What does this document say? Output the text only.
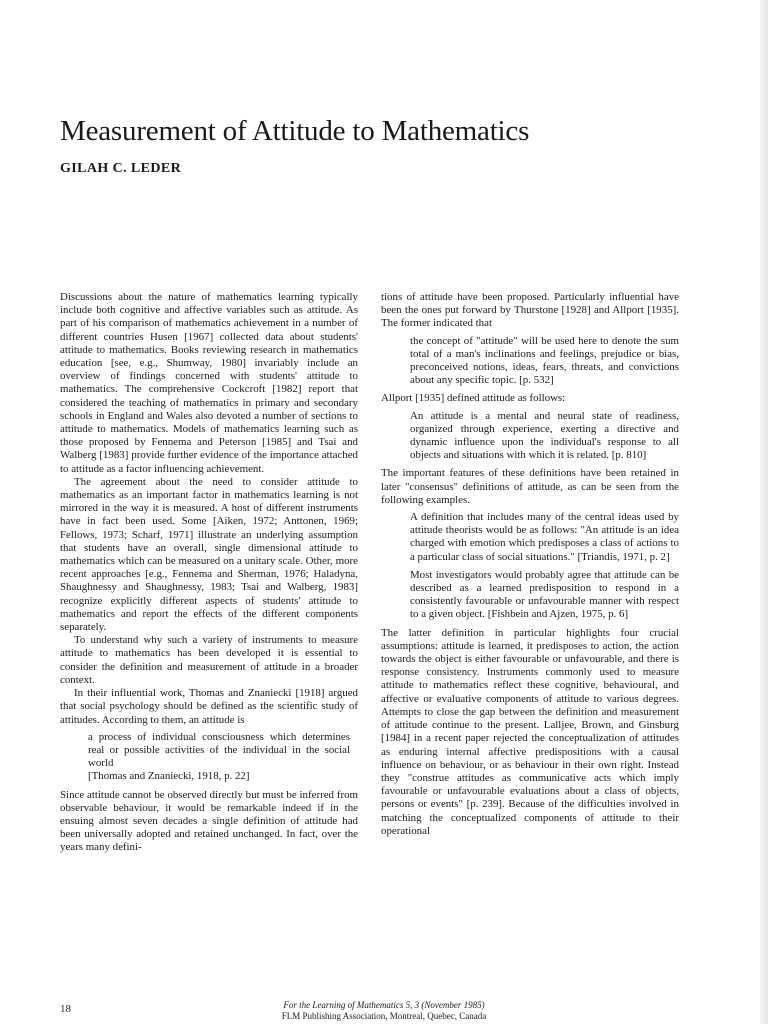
Measurement of Attitude to Mathematics
GILAH C. LEDER

Discussions about the nature of mathematics learning typically include both cognitive and affective variables such as attitude. As part of his comparison of mathematics achievement in a number of different countries Husen [1967] collected data about students' attitude to mathematics. Books reviewing research in mathematics education [see, e.g., Shumway, 1980] invariably include an overview of findings concerned with students' attitude to mathematics. The comprehensive Cockcroft [1982] report that considered the teaching of mathematics in primary and secondary schools in England and Wales also devoted a number of sections to attitude to mathematics. Models of mathematics learning such as those proposed by Fennema and Peterson [1985] and Tsai and Walberg [1983] provide further evidence of the importance attached to attitude as a factor influencing achievement.

The agreement about the need to consider attitude to mathematics as an important factor in mathematics learning is not mirrored in the way it is measured. A host of different instruments have in fact been used. Some [Aiken, 1972; Anttonen, 1969; Fellows, 1973; Scharf, 1971] illustrate an underlying assumption that students have an overall, single dimensional attitude to mathematics which can be measured on a unitary scale. Other, more recent approaches [e.g., Fennema and Sherman, 1976; Haladyna, Shaughnessy and Shaughnessy, 1983; Tsai and Walberg, 1983] recognize explicitly different aspects of students' attitude to mathematics and report the effects of the different components separately.

To understand why such a variety of instruments to measure attitude to mathematics has been developed it is essential to consider the definition and measurement of attitude in a broader context.

In their influential work, Thomas and Znaniecki [1918] argued that social psychology should be defined as the scientific study of attitudes. According to them, an attitude is

a process of individual consciousness which determines real or possible activities of the individual in the social world
[Thomas and Znaniecki, 1918, p. 22]

Since attitude cannot be observed directly but must be inferred from observable behaviour, it would be remarkable indeed if in the ensuing almost seven decades a single definition of attitude had been universally adopted and retained unchanged. In fact, over the years many defini-

tions of attitude have been proposed. Particularly influential have been the ones put forward by Thurstone [1928] and Allport [1935]. The former indicated that

the concept of "attitude" will be used here to denote the sum total of a man's inclinations and feelings, prejudice or bias, preconceived notions, ideas, fears, threats, and convictions about any specific topic. [p. 532]

Allport [1935] defined attitude as follows:

An attitude is a mental and neural state of readiness, organized through experience, exerting a directive and dynamic influence upon the individual's response to all objects and situations with which it is related. [p. 810]

The important features of these definitions have been retained in later "consensus" definitions of attitude, as can be seen from the following examples.

A definition that includes many of the central ideas used by attitude theorists would be as follows: "An attitude is an idea charged with emotion which predisposes a class of actions to a particular class of social situations." [Triandis, 1971, p. 2]
Most investigators would probably agree that attitude can be described as a learned predisposition to respond in a consistently favourable or unfavourable manner with respect to a given object. [Fishbein and Ajzen, 1975, p. 6]

The latter definition in particular highlights four crucial assumptions: attitude is learned, it predisposes to action, the action towards the object is either favourable or unfavourable, and there is response consistency. Instruments commonly used to measure attitude to mathematics reflect these cognitive, behavioural, and affective or evaluative components of attitude to various degrees. Attempts to close the gap between the definition and measurement of attitude continue to the present. Lalljee, Brown, and Ginsburg [1984] in a recent paper rejected the conceptualization of attitudes as enduring internal affective predispositions with a causal influence on behaviour, or as behaviour in their own right. Instead they "construe attitudes as communicative acts which imply favourable or unfavourable evaluations about a class of objects, persons or events" [p. 239]. Because of the difficulties involved in matching the conceptualized components of attitude to their operational

18	For the Learning of Mathematics 5, 3 (November 1985)
FLM Publishing Association, Montreal, Quebec, Canada
